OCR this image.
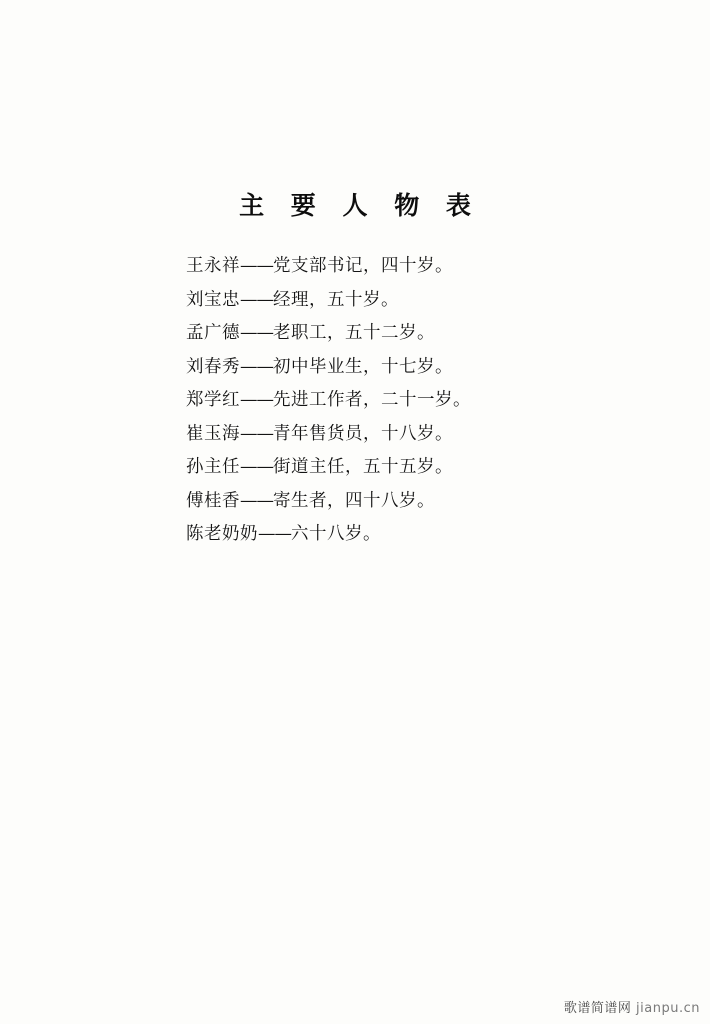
主 要 人 物 表
王永祥——党支部书记，四十岁。
刘宝忠——经理，五十岁。
孟广德——老职工，五十二岁。
刘春秀——初中毕业生，十七岁。
郑学红——先进工作者，二十一岁。
崔玉海——青年售货员，十八岁。
孙主任——街道主任，五十五岁。
傅桂香——寄生者，四十八岁。
陈老奶奶——六十八岁。
歌谱简谱网 jianpu.cn
